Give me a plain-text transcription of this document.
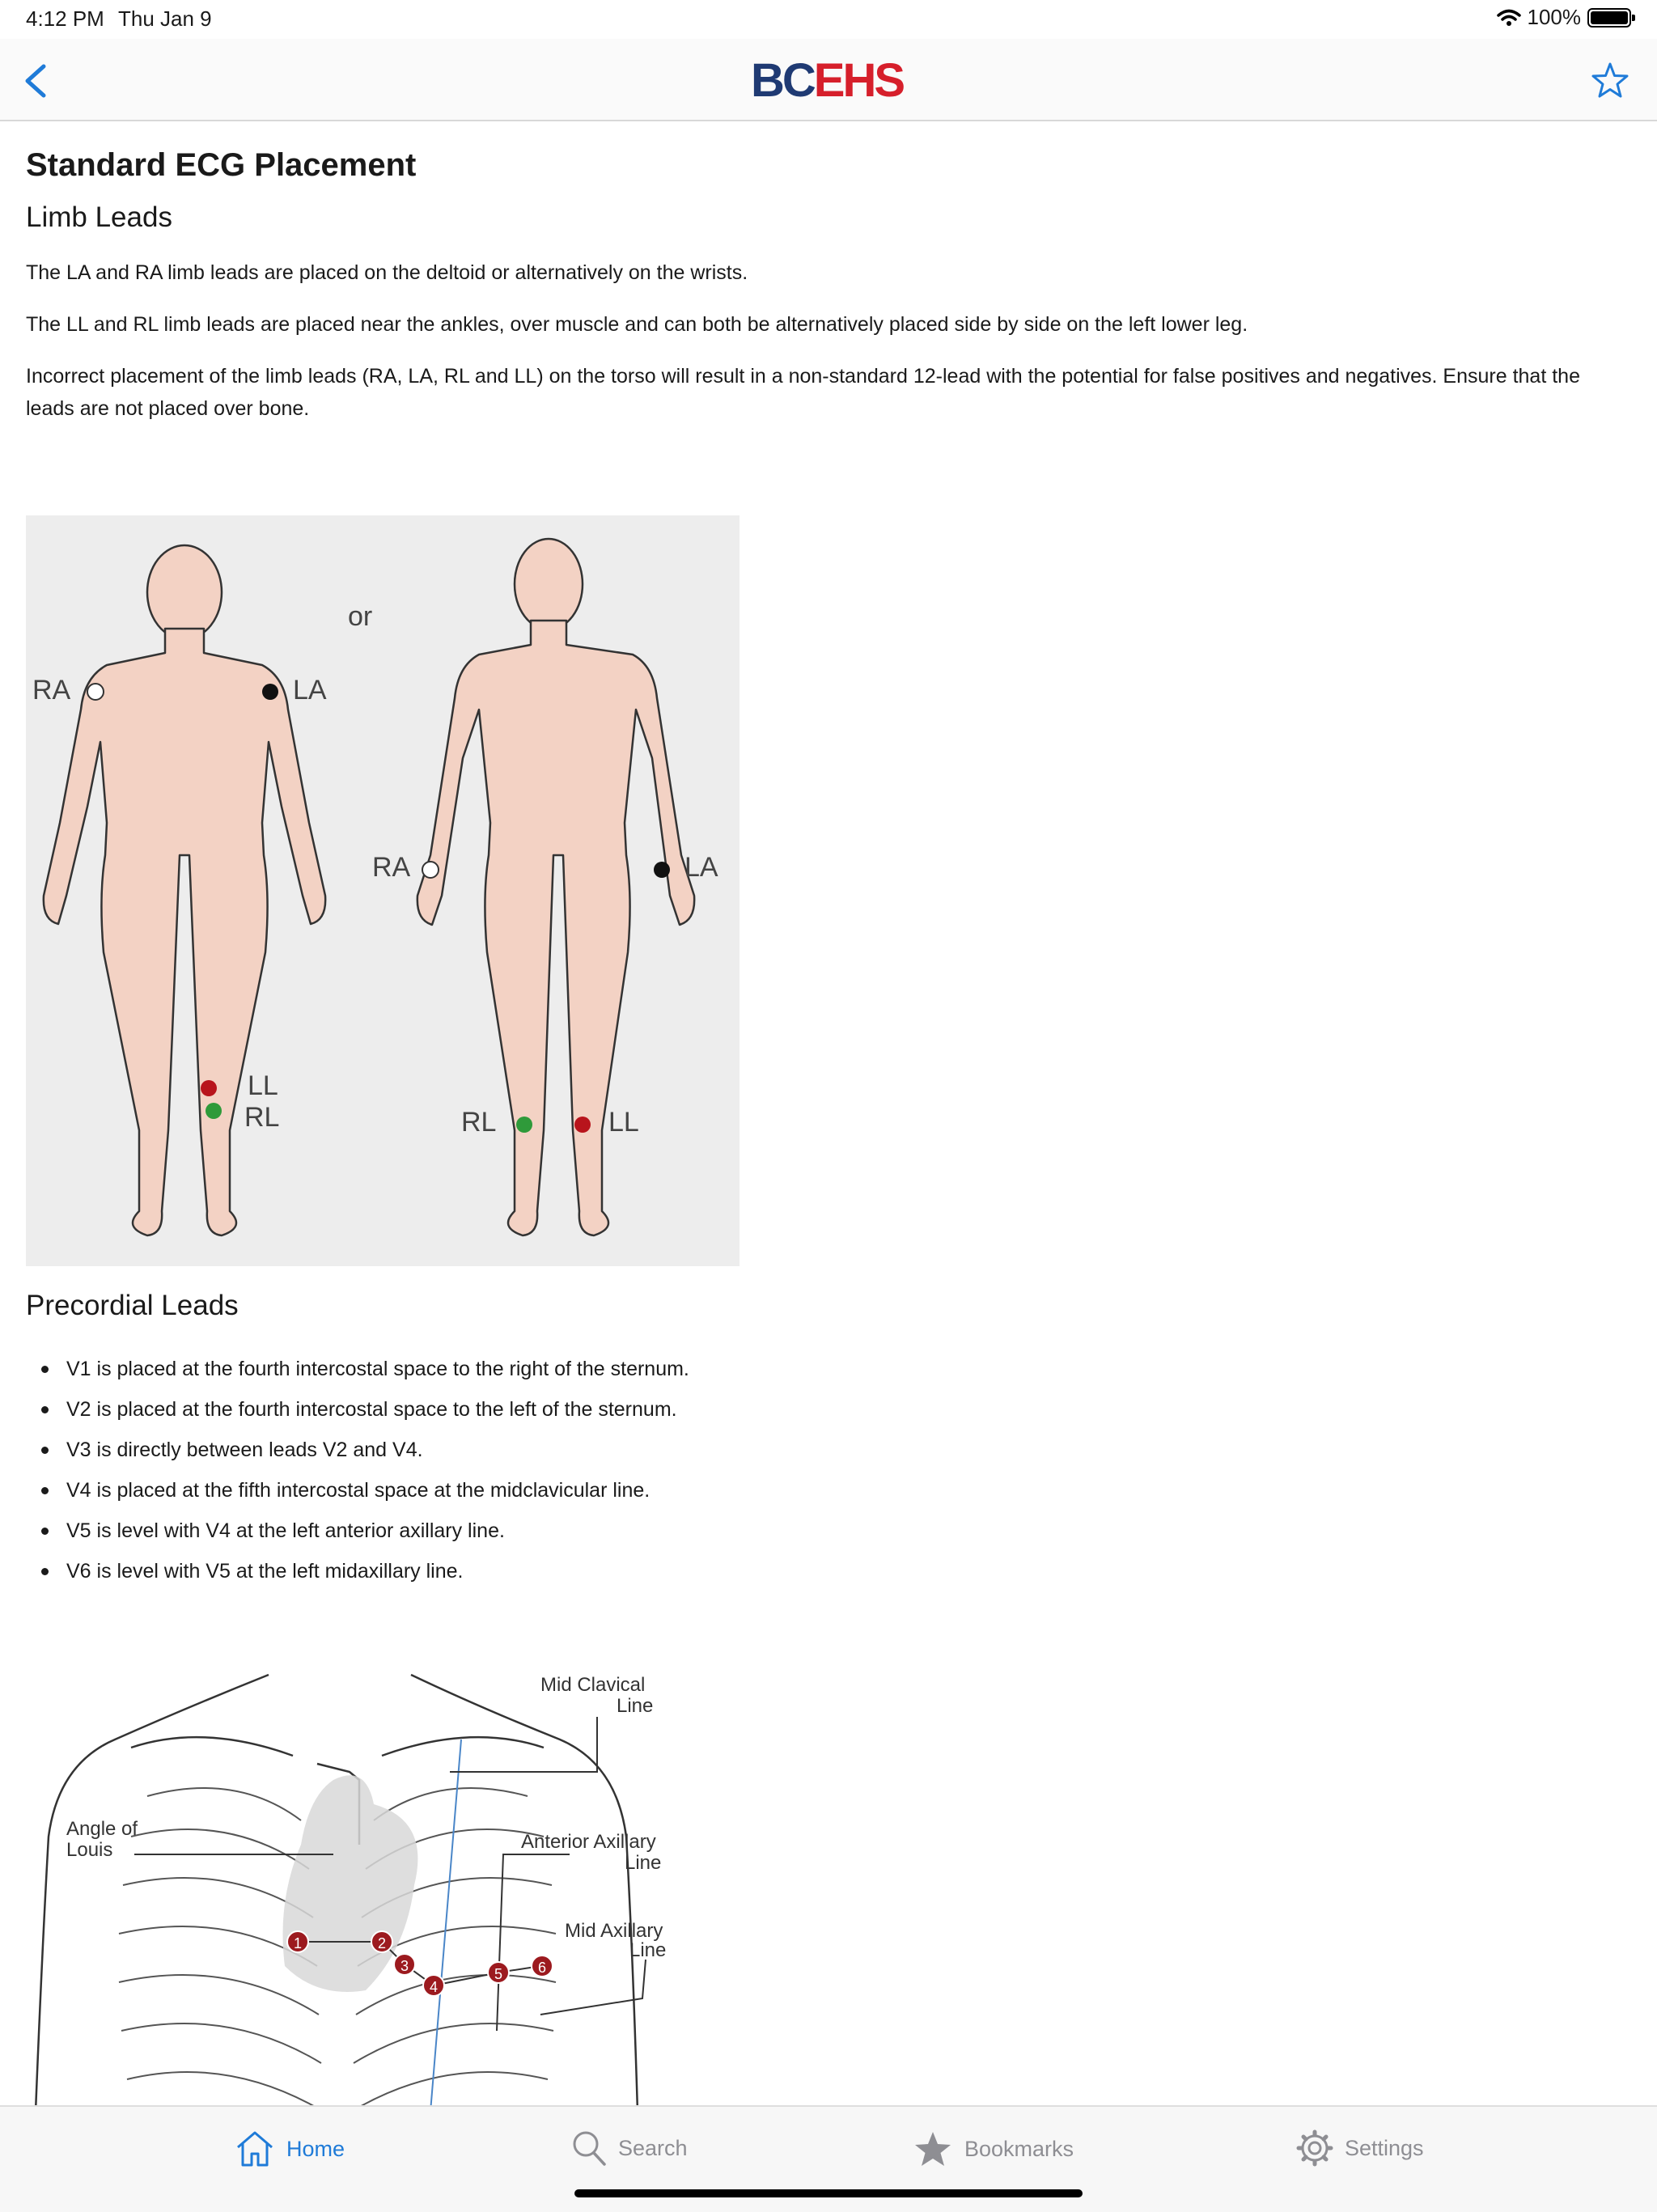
4:12 PM Thu Jan 9	100%
BCEHS
Standard ECG Placement
Limb Leads

The LA and RA limb leads are placed on the deltoid or alternatively on the wrists.

The LL and RL limb leads are placed near the ankles, over muscle and can both be alternatively placed side by side on the left lower leg.

Incorrect placement of the limb leads (RA, LA, RL and LL) on the torso will result in a non-standard 12-lead with the potential for false positives and negatives. Ensure that the leads are not placed over bone.

or
RA	LA
LL
RL
RA	LA
RL	LL
Precordial Leads
V1 is placed at the fourth intercostal space to the right of the sternum.
V2 is placed at the fourth intercostal space to the left of the sternum.
V3 is directly between leads V2 and V4.
V4 is placed at the fifth intercostal space at the midclavicular line.
V5 is level with V4 at the left anterior axillary line.
V6 is level with V5 at the left midaxillary line.
Mid Clavical
Line
Angle of
Louis	Anterior Axillary
Line
Mid Axillary
Line
1	2
3
4
5 6
Home	Search	Bookmarks	Settings
